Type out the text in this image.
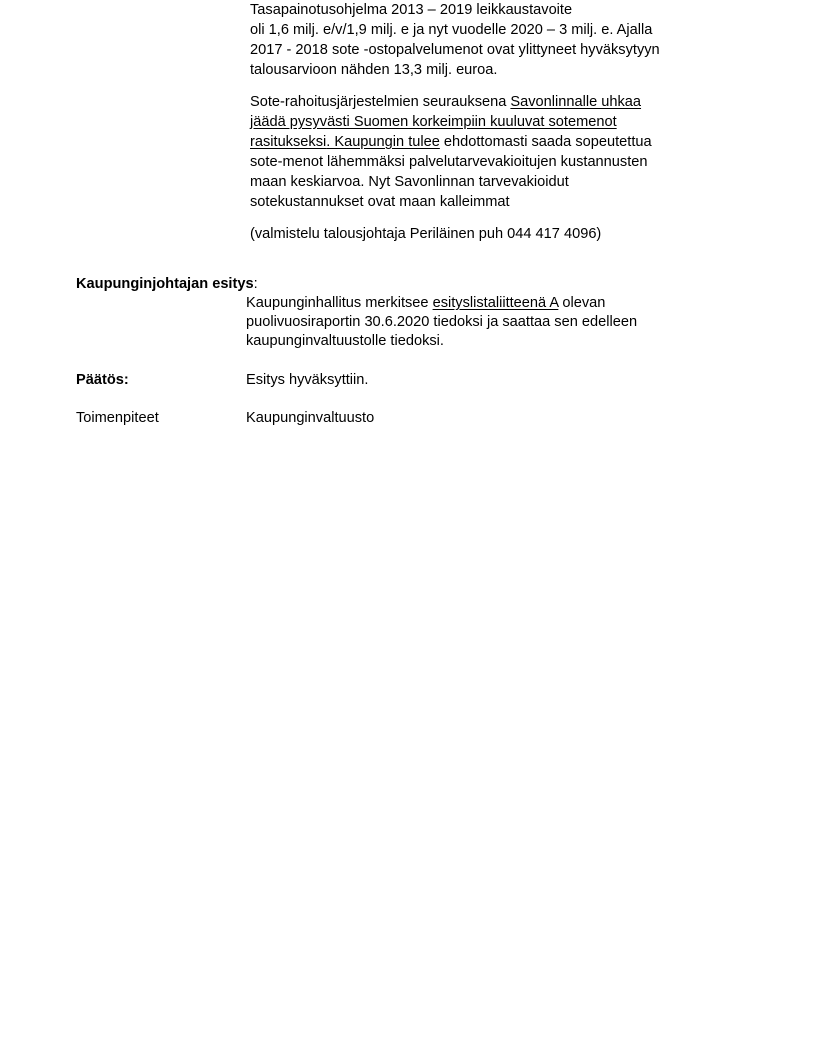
Tasapainotusohjelma 2013 – 2019 leikkaustavoite
oli 1,6 milj. e/v/1,9 milj. e ja nyt vuodelle 2020 – 3 milj. e. Ajalla
2017 - 2018 sote -ostopalvelumenot ovat ylittyneet hyväksytyyn
talousarvioon nähden 13,3 milj. euroa.
Sote-rahoitusjärjestelmien seurauksena Savonlinnalle uhkaa
jäädä pysyvästi Suomen korkeimpiin kuuluvat sotemenot
rasitukseksi. Kaupungin tulee ehdottomasti saada sopeutettua
sote-menot lähemmäksi palvelutarvevakioitujen kustannusten
maan keskiarvoa. Nyt Savonlinnan tarvevakioidut
sotekustannukset ovat maan kalleimmat
(valmistelu talousjohtaja Periläinen puh 044 417 4096)
Kaupunginjohtajan esitys:
Kaupunginhallitus merkitsee esityslistaliitteenä A olevan
puolivuosiraportin 30.6.2020 tiedoksi ja saattaa sen edelleen
kaupunginvaltuustolle tiedoksi.
Päätös:	Esitys hyväksyttiin.
Toimenpiteet	Kaupunginvaltuusto
